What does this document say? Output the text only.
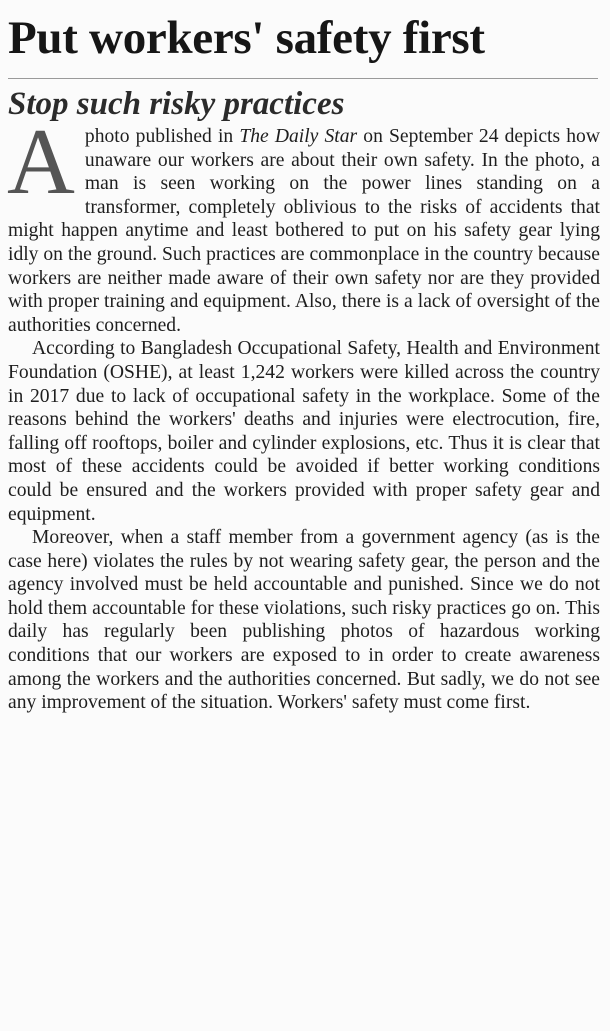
Put workers' safety first
Stop such risky practices

A photo published in The Daily Star on September 24 depicts how unaware our workers are about their own safety. In the photo, a man is seen working on the power lines standing on a transformer, completely oblivious to the risks of accidents that might happen anytime and least bothered to put on his safety gear lying idly on the ground. Such practices are commonplace in the country because workers are neither made aware of their own safety nor are they provided with proper training and equipment. Also, there is a lack of oversight of the authorities concerned.

According to Bangladesh Occupational Safety, Health and Environment Foundation (OSHE), at least 1,242 workers were killed across the country in 2017 due to lack of occupational safety in the workplace. Some of the reasons behind the workers' deaths and injuries were electrocution, fire, falling off rooftops, boiler and cylinder explosions, etc. Thus it is clear that most of these accidents could be avoided if better working conditions could be ensured and the workers provided with proper safety gear and equipment.

Moreover, when a staff member from a government agency (as is the case here) violates the rules by not wearing safety gear, the person and the agency involved must be held accountable and punished. Since we do not hold them accountable for these violations, such risky practices go on. This daily has regularly been publishing photos of hazardous working conditions that our workers are exposed to in order to create awareness among the workers and the authorities concerned. But sadly, we do not see any improvement of the situation. Workers' safety must come first.
